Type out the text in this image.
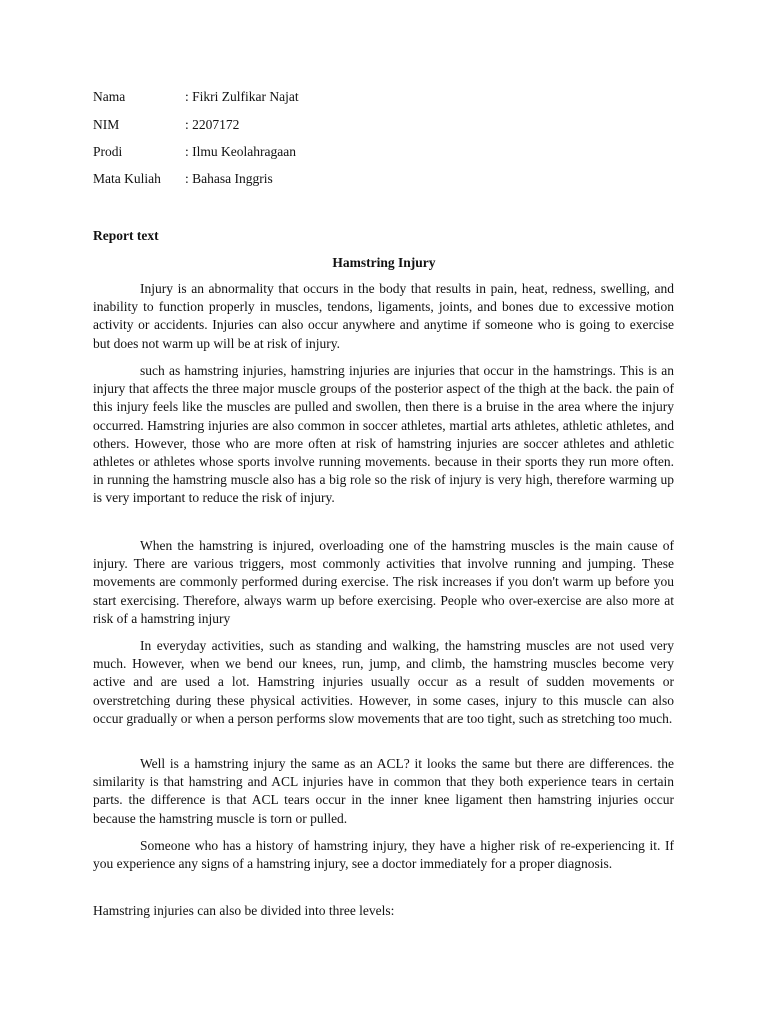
Nama	: Fikri Zulfikar Najat
NIM	: 2207172
Prodi	: Ilmu Keolahragaan
Mata Kuliah : Bahasa Inggris
Report text
Hamstring Injury

Injury is an abnormality that occurs in the body that results in pain, heat, redness, swelling, and inability to function properly in muscles, tendons, ligaments, joints, and bones due to excessive motion activity or accidents. Injuries can also occur anywhere and anytime if someone who is going to exercise but does not warm up will be at risk of injury.

such as hamstring injuries, hamstring injuries are injuries that occur in the hamstrings. This is an injury that affects the three major muscle groups of the posterior aspect of the thigh at the back. the pain of this injury feels like the muscles are pulled and swollen, then there is a bruise in the area where the injury occurred. Hamstring injuries are also common in soccer athletes, martial arts athletes, athletic athletes, and others. However, those who are more often at risk of hamstring injuries are soccer athletes and athletic athletes or athletes whose sports involve running movements. because in their sports they run more often. in running the hamstring muscle also has a big role so the risk of injury is very high, therefore warming up is very important to reduce the risk of injury.

When the hamstring is injured, overloading one of the hamstring muscles is the main cause of injury. There are various triggers, most commonly activities that involve running and jumping. These movements are commonly performed during exercise. The risk increases if you don't warm up before you start exercising. Therefore, always warm up before exercising. People who over-exercise are also more at risk of a hamstring injury

In everyday activities, such as standing and walking, the hamstring muscles are not used very much. However, when we bend our knees, run, jump, and climb, the hamstring muscles become very active and are used a lot. Hamstring injuries usually occur as a result of sudden movements or overstretching during these physical activities. However, in some cases, injury to this muscle can also occur gradually or when a person performs slow movements that are too tight, such as stretching too much.

Well is a hamstring injury the same as an ACL? it looks the same but there are differences. the similarity is that hamstring and ACL injuries have in common that they both experience tears in certain parts. the difference is that ACL tears occur in the inner knee ligament then hamstring injuries occur because the hamstring muscle is torn or pulled.

Someone who has a history of hamstring injury, they have a higher risk of re-experiencing it. If you experience any signs of a hamstring injury, see a doctor immediately for a proper diagnosis.

Hamstring injuries can also be divided into three levels:
